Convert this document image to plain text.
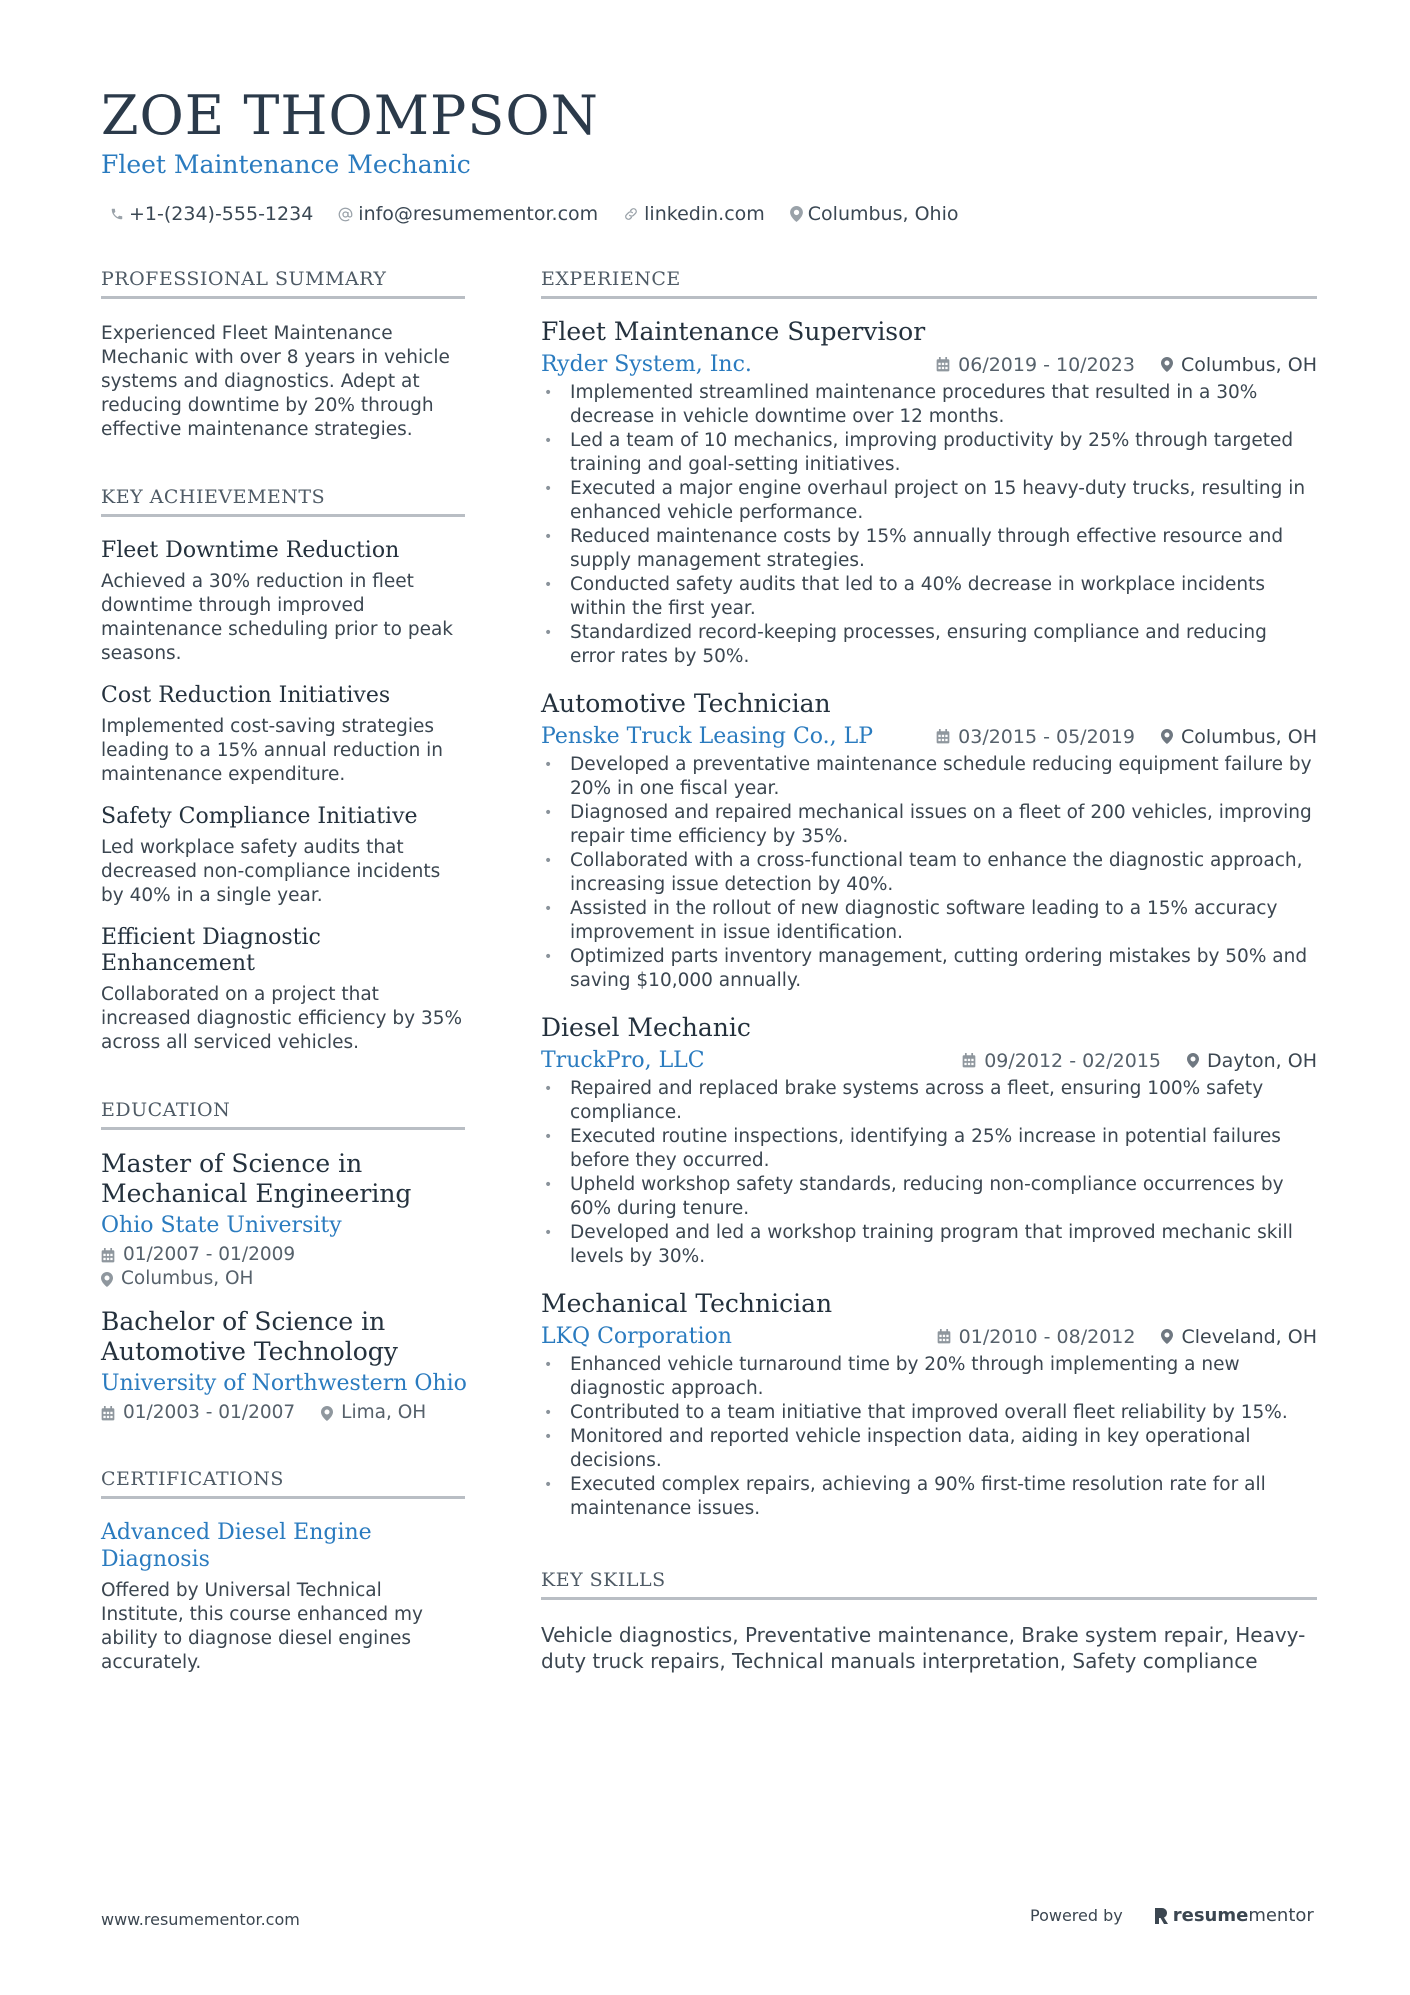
ZOE THOMPSON
Fleet Maintenance Mechanic
+1-(234)-555-1234 info@resumementor.com linkedin.com Columbus, Ohio
PROFESSIONAL SUMMARY
Experienced Fleet Maintenance Mechanic with over 8 years in vehicle systems and diagnostics. Adept at reducing downtime by 20% through effective maintenance strategies.
KEY ACHIEVEMENTS
Fleet Downtime Reduction
Achieved a 30% reduction in fleet downtime through improved maintenance scheduling prior to peak seasons.
Cost Reduction Initiatives
Implemented cost-saving strategies leading to a 15% annual reduction in maintenance expenditure.
Safety Compliance Initiative
Led workplace safety audits that decreased non-compliance incidents by 40% in a single year.
Efficient Diagnostic Enhancement
Collaborated on a project that increased diagnostic efficiency by 35% across all serviced vehicles.
EDUCATION
Master of Science in Mechanical Engineering
Ohio State University
01/2007 - 01/2009
Columbus, OH
Bachelor of Science in Automotive Technology
University of Northwestern Ohio
01/2003 - 01/2007 Lima, OH
CERTIFICATIONS
Advanced Diesel Engine Diagnosis
Offered by Universal Technical Institute, this course enhanced my ability to diagnose diesel engines accurately.
EXPERIENCE
Fleet Maintenance Supervisor
Ryder System, Inc.	06/2019 - 10/2023 Columbus, OH
• Implemented streamlined maintenance procedures that resulted in a 30% decrease in vehicle downtime over 12 months.
• Led a team of 10 mechanics, improving productivity by 25% through targeted training and goal-setting initiatives.
• Executed a major engine overhaul project on 15 heavy-duty trucks, resulting in enhanced vehicle performance.
• Reduced maintenance costs by 15% annually through effective resource and supply management strategies.
• Conducted safety audits that led to a 40% decrease in workplace incidents within the first year.
• Standardized record-keeping processes, ensuring compliance and reducing error rates by 50%.
Automotive Technician
Penske Truck Leasing Co., LP	03/2015 - 05/2019 Columbus, OH
• Developed a preventative maintenance schedule reducing equipment failure by 20% in one fiscal year.
• Diagnosed and repaired mechanical issues on a fleet of 200 vehicles, improving repair time efficiency by 35%.
• Collaborated with a cross-functional team to enhance the diagnostic approach, increasing issue detection by 40%.
• Assisted in the rollout of new diagnostic software leading to a 15% accuracy improvement in issue identification.
• Optimized parts inventory management, cutting ordering mistakes by 50% and saving $10,000 annually.
Diesel Mechanic
TruckPro, LLC	09/2012 - 02/2015 Dayton, OH
• Repaired and replaced brake systems across a fleet, ensuring 100% safety compliance.
• Executed routine inspections, identifying a 25% increase in potential failures before they occurred.
• Upheld workshop safety standards, reducing non-compliance occurrences by 60% during tenure.
• Developed and led a workshop training program that improved mechanic skill levels by 30%.
Mechanical Technician
LKQ Corporation	01/2010 - 08/2012 Cleveland, OH
• Enhanced vehicle turnaround time by 20% through implementing a new diagnostic approach.
• Contributed to a team initiative that improved overall fleet reliability by 15%.
• Monitored and reported vehicle inspection data, aiding in key operational decisions.
• Executed complex repairs, achieving a 90% first-time resolution rate for all maintenance issues.
KEY SKILLS
Vehicle diagnostics, Preventative maintenance, Brake system repair, Heavy-duty truck repairs, Technical manuals interpretation, Safety compliance
www.resumementor.com	Powered by	resumementor
